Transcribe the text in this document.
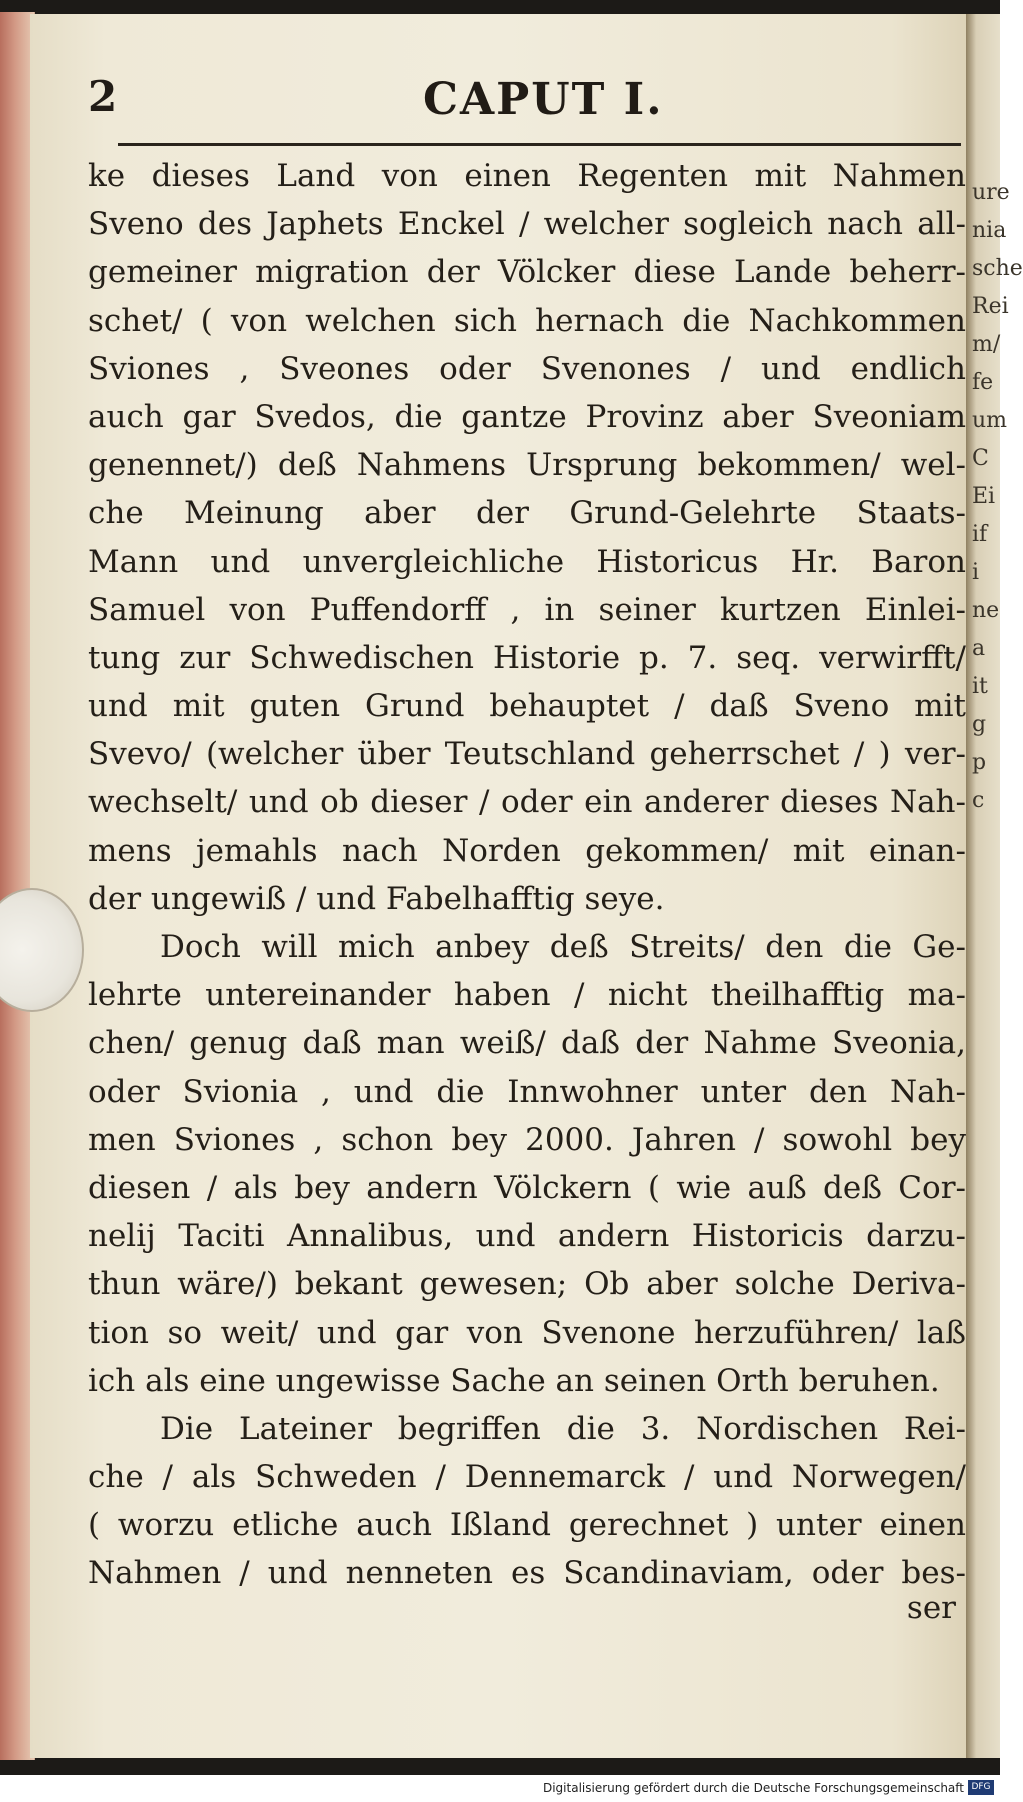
ure
nia
sche
Rei
m/
fe
um
C
Ei
if
i
ne
a
it
g
p
c
2	CAPUT I.
ke dieses Land von einen Regenten mit Nahmen
Sveno des Japhets Enckel / welcher sogleich nach all-
gemeiner migration der Völcker diese Lande beherr-
schet/ ( von welchen sich hernach die Nachkommen
Sviones , Sveones oder Svenones / und endlich
auch gar Svedos, die gantze Provinz aber Sveoniam
genennet/) deß Nahmens Ursprung bekommen/ wel-
che Meinung aber der Grund-Gelehrte Staats-
Mann und unvergleichliche Historicus Hr. Baron
Samuel von Puffendorff , in seiner kurtzen Einlei-
tung zur Schwedischen Historie p. 7. seq. verwirfft/
und mit guten Grund behauptet / daß Sveno mit
Svevo/ (welcher über Teutschland geherrschet / ) ver-
wechselt/ und ob dieser / oder ein anderer dieses Nah-
mens jemahls nach Norden gekommen/ mit einan-
der ungewiß / und Fabelhafftig seye.
Doch will mich anbey deß Streits/ den die Ge-
lehrte untereinander haben / nicht theilhafftig ma-
chen/ genug daß man weiß/ daß der Nahme Sveonia,
oder Svionia , und die Innwohner unter den Nah-
men Sviones , schon bey 2000. Jahren / sowohl bey
diesen / als bey andern Völckern ( wie auß deß Cor-
nelij Taciti Annalibus, und andern Historicis darzu-
thun wäre/) bekant gewesen; Ob aber solche Deriva-
tion so weit/ und gar von Svenone herzuführen/ laß
ich als eine ungewisse Sache an seinen Orth beruhen.
Die Lateiner begriffen die 3. Nordischen Rei-
che / als Schweden / Dennemarck / und Norwegen/
( worzu etliche auch Ißland gerechnet ) unter einen
Nahmen / und nenneten es Scandinaviam, oder bes-
ser
Digitalisierung gefördert durch die Deutsche Forschungsgemeinschaft DFG
